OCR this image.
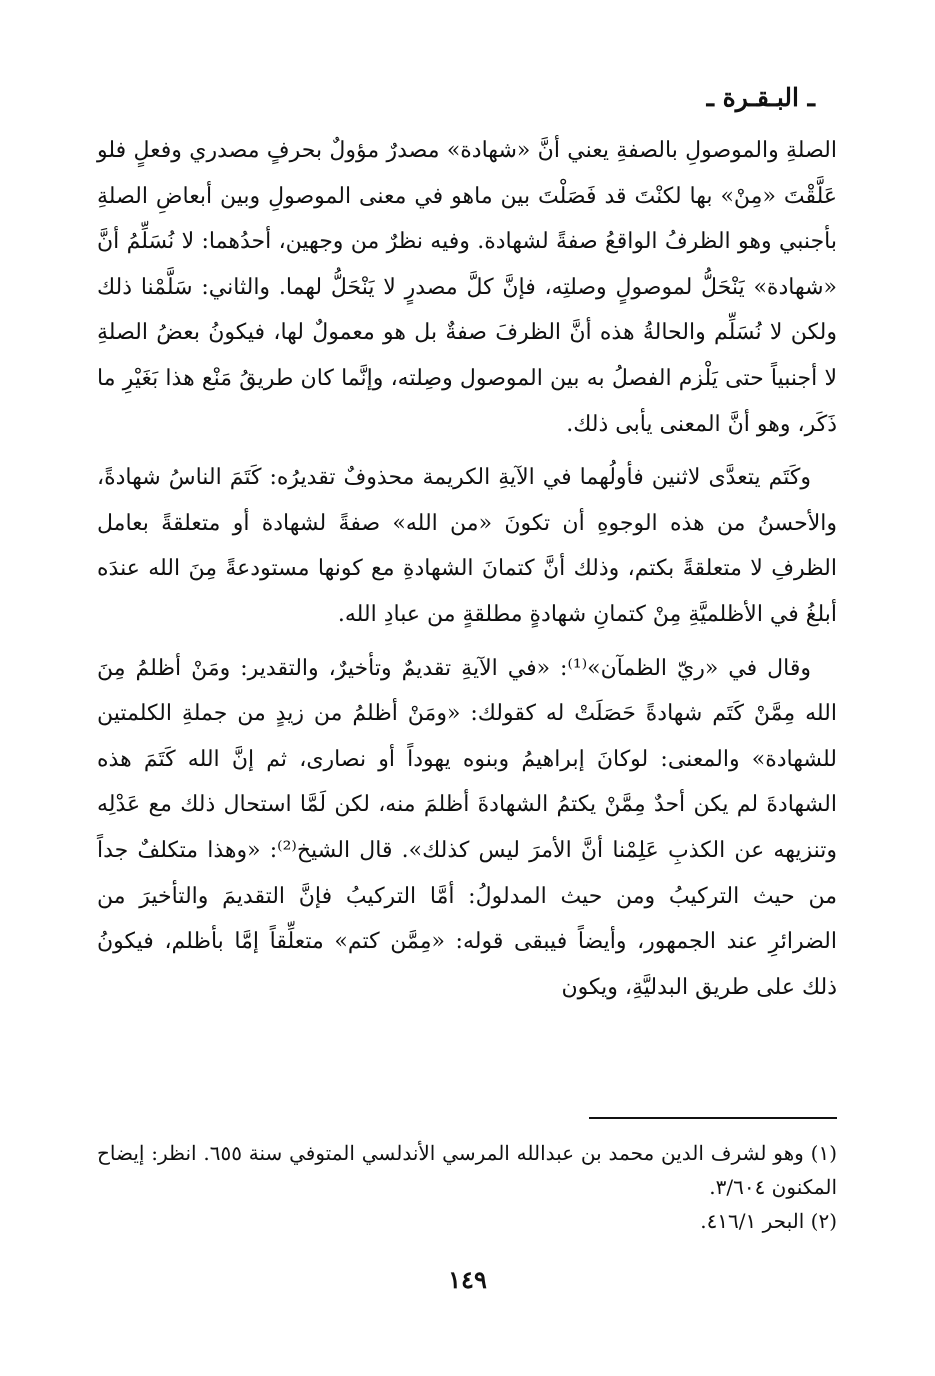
ـ البـقـرة ـ

الصلةِ والموصولِ بالصفةِ يعني أنَّ «شهادة» مصدرٌ مؤولٌ بحرفٍ مصدري وفعلٍ فلو عَلَّقْتَ «مِنْ» بها لكنْتَ قد فَصَلْتَ بين ماهو في معنى الموصولِ وبين أبعاضِ الصلةِ بأجنبي وهو الظرفُ الواقعُ صفةً لشهادة. وفيه نظرٌ من وجهين، أحدُهما: لا نُسَلِّمُ أنَّ «شهادة» يَنْحَلُّ لموصولٍ وصلتِه، فإنَّ كلَّ مصدرٍ لا يَنْحَلُّ لهما. والثاني: سَلَّمْنا ذلك ولكن لا نُسَلِّم والحالةُ هذه أنَّ الظرفَ صفةٌ بل هو معمولٌ لها، فيكونُ بعضُ الصلةِ لا أجنبياً حتى يَلْزم الفصلُ به بين الموصول وصِلته، وإنَّما كان طريقُ مَنْع هذا بَغَيْرِ ما ذَكَر، وهو أنَّ المعنى يأبى ذلك.

وكَتَم يتعدَّى لاثنين فأولُهما في الآيةِ الكريمة محذوفٌ تقديرُه: كَتَمَ الناسُ شهادةً، والأحسنُ من هذه الوجوهِ أن تكونَ «من الله» صفةً لشهادة أو متعلقةً بعامل الظرفِ لا متعلقةً بكتم، وذلك أنَّ كتمانَ الشهادةِ مع كونها مستودعةً مِنَ الله عندَه أبلغُ في الأظلميَّةِ مِنْ كتمانِ شهادةٍ مطلقةٍ من عبادِ الله.

وقال في «ريّ الظمآن»⁽¹⁾: «في الآيةِ تقديمٌ وتأخيرٌ، والتقدير: ومَنْ أظلمُ مِنَ الله مِمَّنْ كَتَم شهادةً حَصَلَتْ له كقولك: «ومَنْ أظلمُ من زيدٍ من جملةِ الكلمتين للشهادة» والمعنى: لوكانَ إبراهيمُ وبنوه يهوداً أو نصارى، ثم إنَّ الله كَتَمَ هذه الشهادةَ لم يكن أحدٌ مِمَّنْ يكتمُ الشهادةَ أظلمَ منه، لكن لَمَّا استحال ذلك مع عَدْلِه وتنزيهه عن الكذبِ عَلِمْنا أنَّ الأمرَ ليس كذلك». قال الشيخ⁽²⁾: «وهذا متكلفٌ جداً من حيث التركيبُ ومن حيث المدلولُ: أمَّا التركيبُ فإنَّ التقديمَ والتأخيرَ من الضرائرِ عند الجمهور، وأيضاً فيبقى قوله: «مِمَّن كتم» متعلِّقاً إمَّا بأظلم، فيكونُ ذلك على طريق البدليَّةِ، ويكون

(١) وهو لشرف الدين محمد بن عبدالله المرسي الأندلسي المتوفي سنة ٦٥٥. انظر: إيضاح المكنون ٣/٦٠٤.

(٢) البحر ٤١٦/١.

١٤٩
